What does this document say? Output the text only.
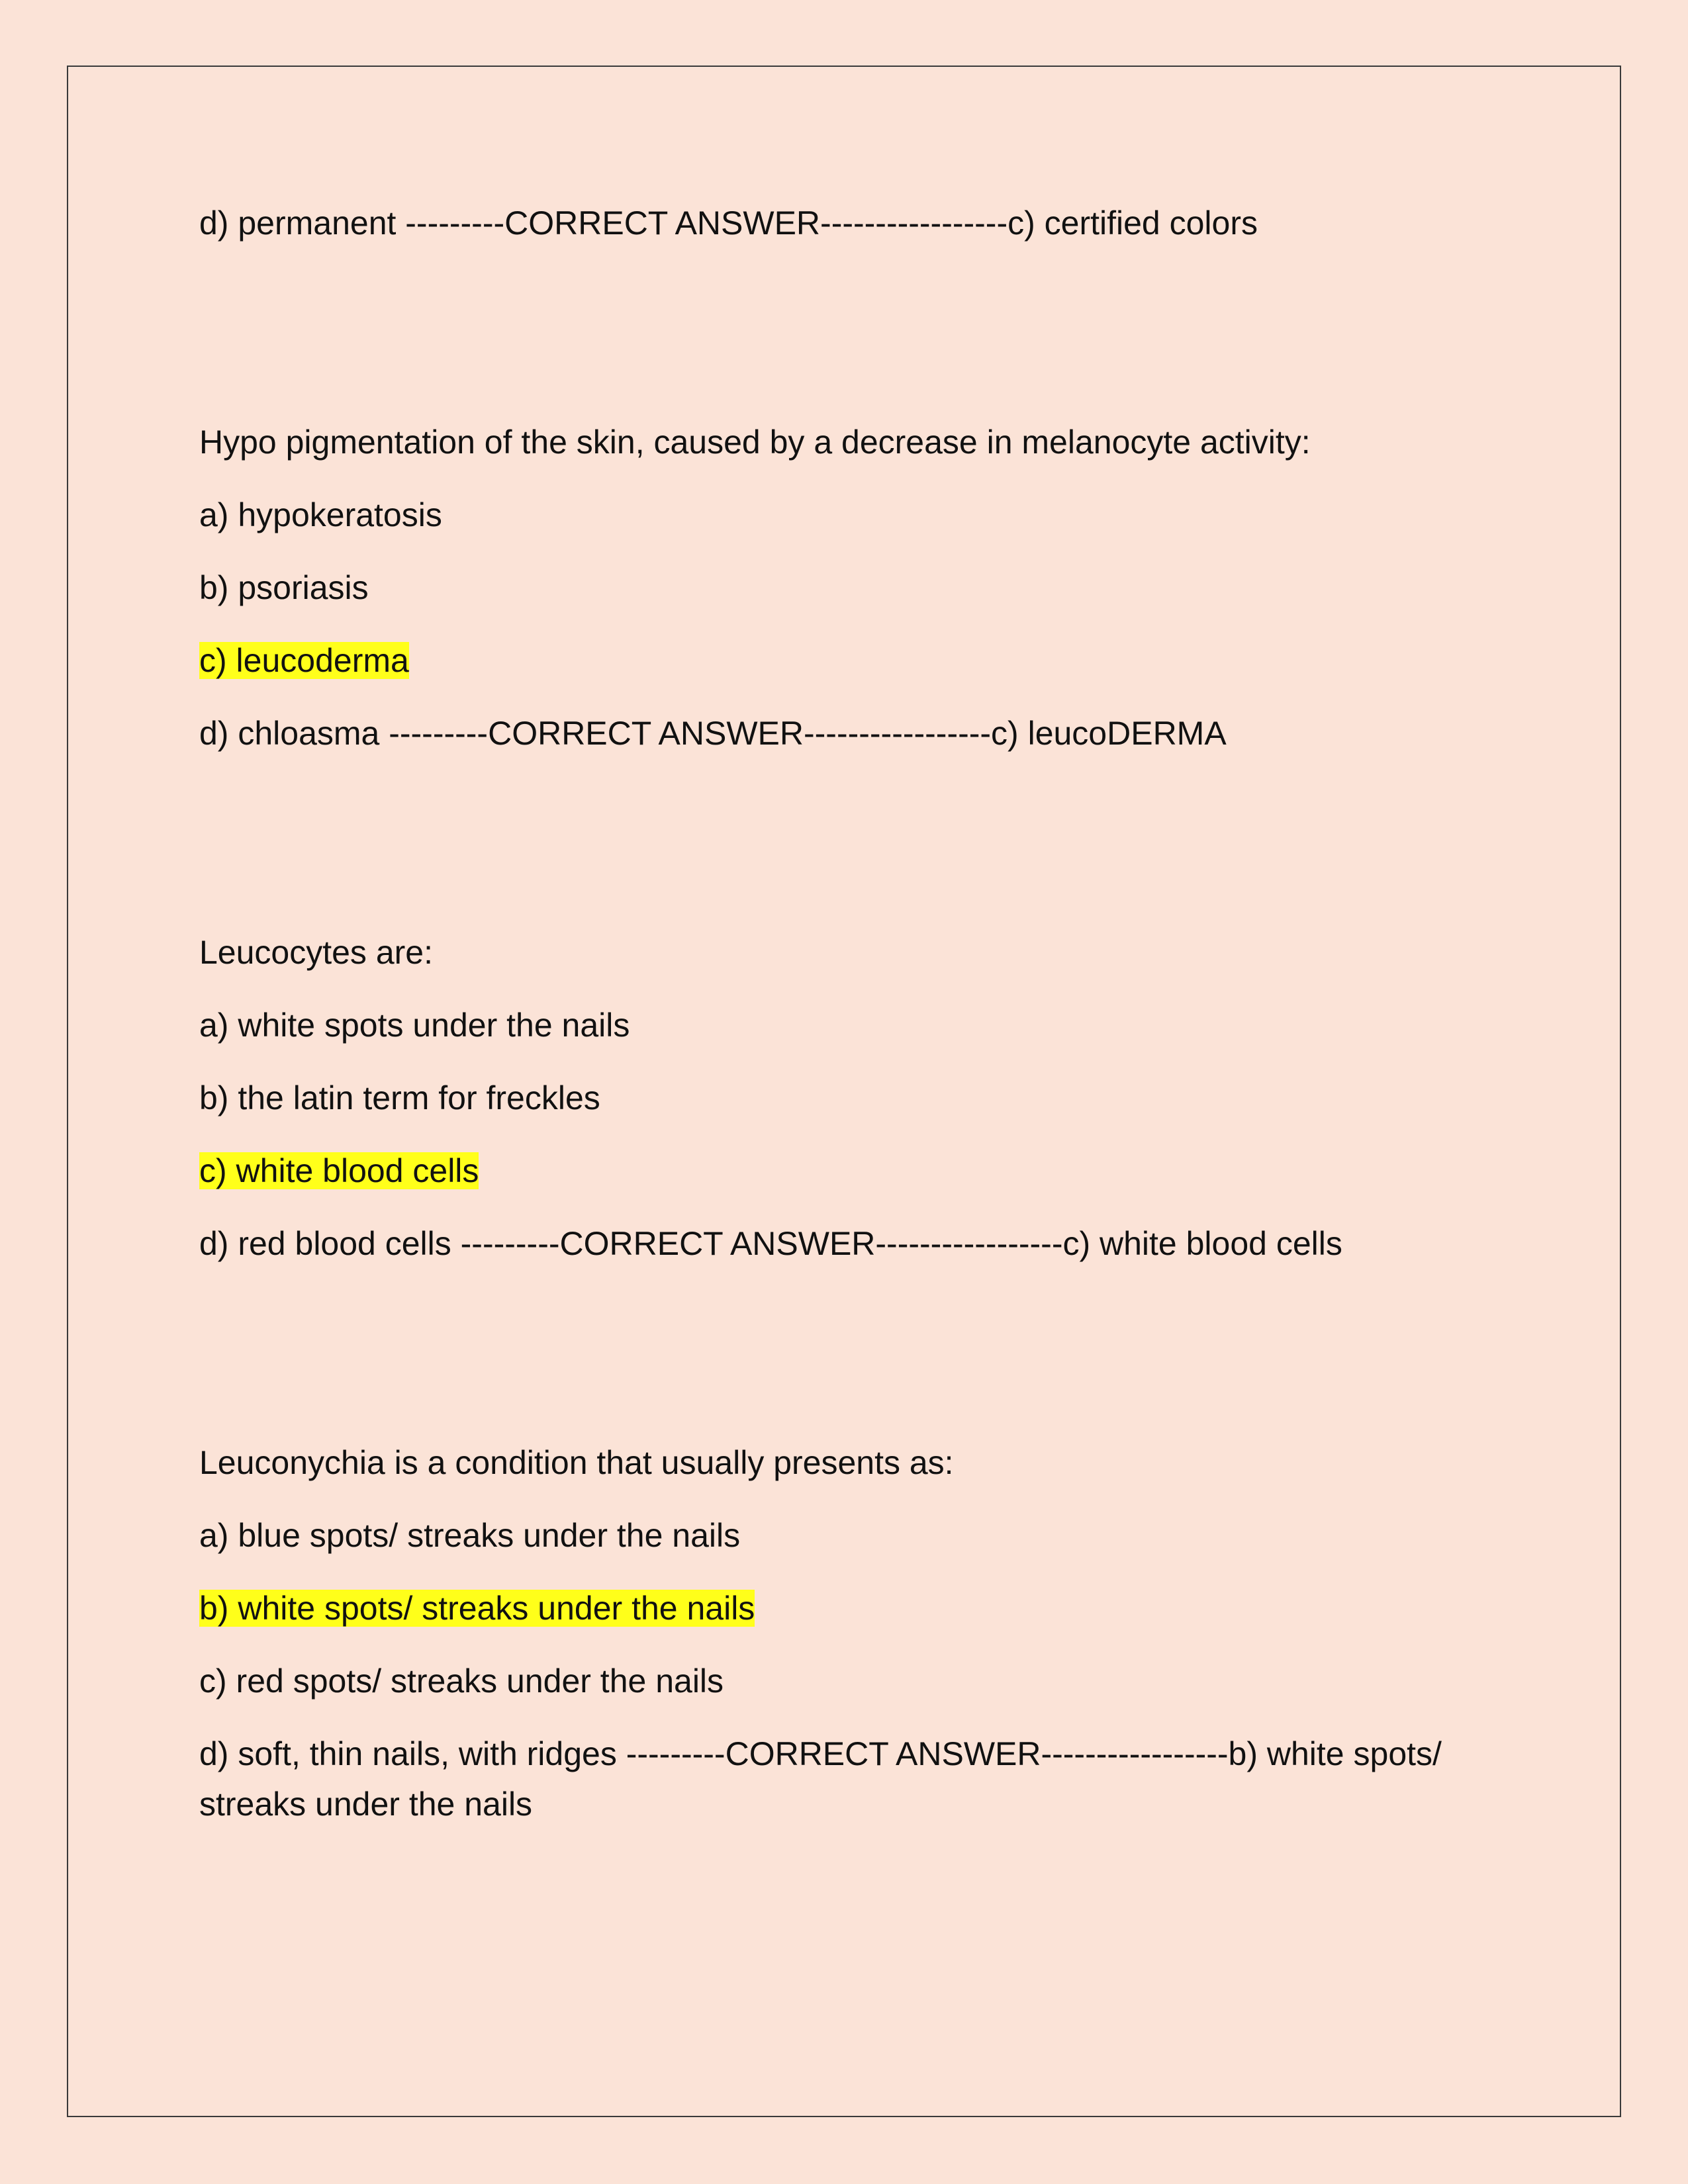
d) permanent ---------CORRECT ANSWER-----------------c) certified colors
Hypo pigmentation of the skin, caused by a decrease in melanocyte activity:
a) hypokeratosis
b) psoriasis
c) leucoderma
d) chloasma ---------CORRECT ANSWER-----------------c) leucoDERMA
Leucocytes are:
a) white spots under the nails
b) the latin term for freckles
c) white blood cells
d) red blood cells ---------CORRECT ANSWER-----------------c) white blood cells
Leuconychia is a condition that usually presents as:
a) blue spots/ streaks under the nails
b) white spots/ streaks under the nails
c) red spots/ streaks under the nails
d) soft, thin nails, with ridges ---------CORRECT ANSWER-----------------b) white spots/ streaks under the nails
